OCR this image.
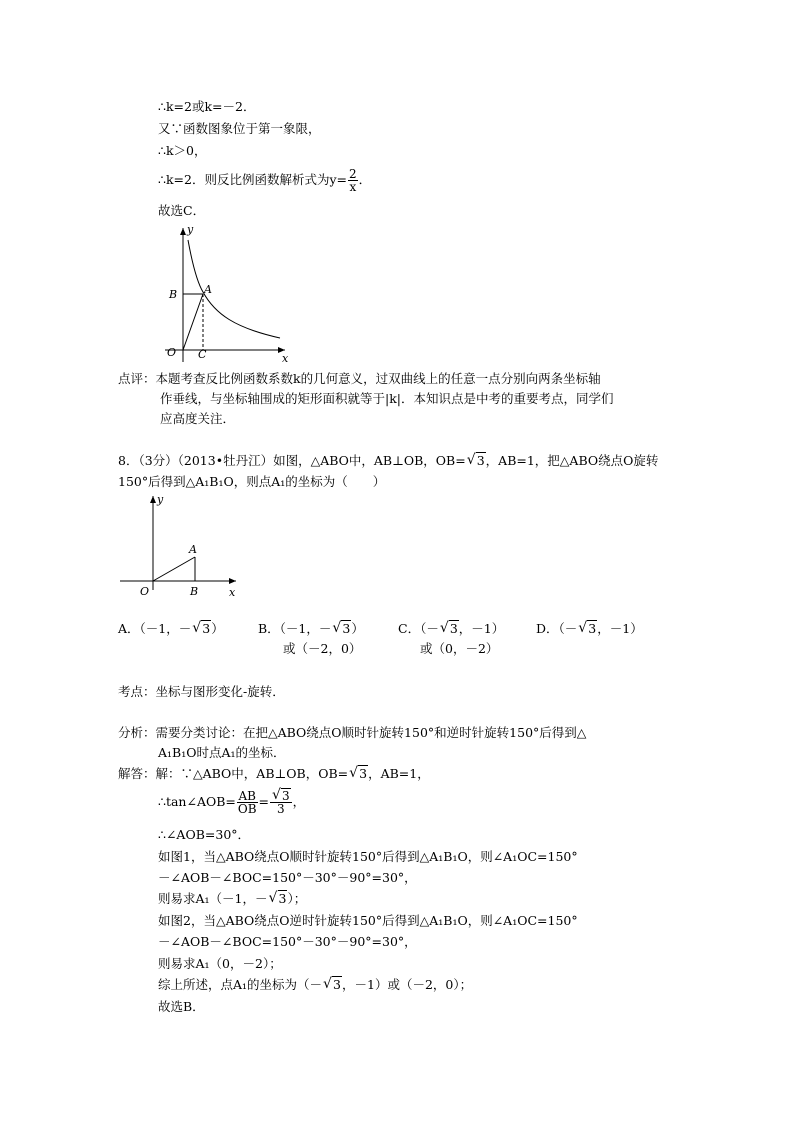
∴k=2或k=－2．
又∵函数图象位于第一象限，
∴k＞0，
∴k=2．则反比例函数解析式为$y= \frac{2}{x}$ ．
故选C．
y
x
A
B
O C
点评：本题考查反比例函数系数k的几何意义，过双曲线上的任意一点分别向两条坐标轴
作垂线，与坐标轴围成的矩形面积就等于|k|．本知识点是中考的重要考点，同学们
应高度关注．
8．（3分）（2013•牡丹江）如图，△ABO中，AB⊥OB，OB= √ 3，AB=1，把△ABO绕点O旋转
150°后得到△A₁B₁O，则点A₁的坐标为（　　）
y
x
A
B
O
A．（－1，－ √ 3）	B．（－1，－ √ 3）
或（－2，0）
C．（－ √ 3，－1）
或（0，－2）
D．（－ √ 3，－1）
考点：坐标与图形变化-旋转．
分析：需要分类讨论：在把△ABO绕点O顺时针旋转150°和逆时针旋转150°后得到△
A₁B₁O时点A₁的坐标．
解答：解：∵△ABO中，AB⊥OB，OB= √ 3，AB=1，
∴tan∠AOB= $\frac{AB}{OB}$ = √ $\frac{3}{3}$ ，
∴∠AOB=30°．
如图1，当△ABO绕点O顺时针旋转150°后得到△A₁B₁O，则∠A₁OC=150°
－∠AOB－∠BOC=150°－30°－90°=30°，
则易求A₁（－1，－ √ 3）；
如图2，当△ABO绕点O逆时针旋转150°后得到△A₁B₁O，则∠A₁OC=150°
－∠AOB－∠BOC=150°－30°－90°=30°，
则易求A₁（0，－2）；
综上所述，点A₁的坐标为（－ √ 3，－1）或（－2，0）；
故选B．
